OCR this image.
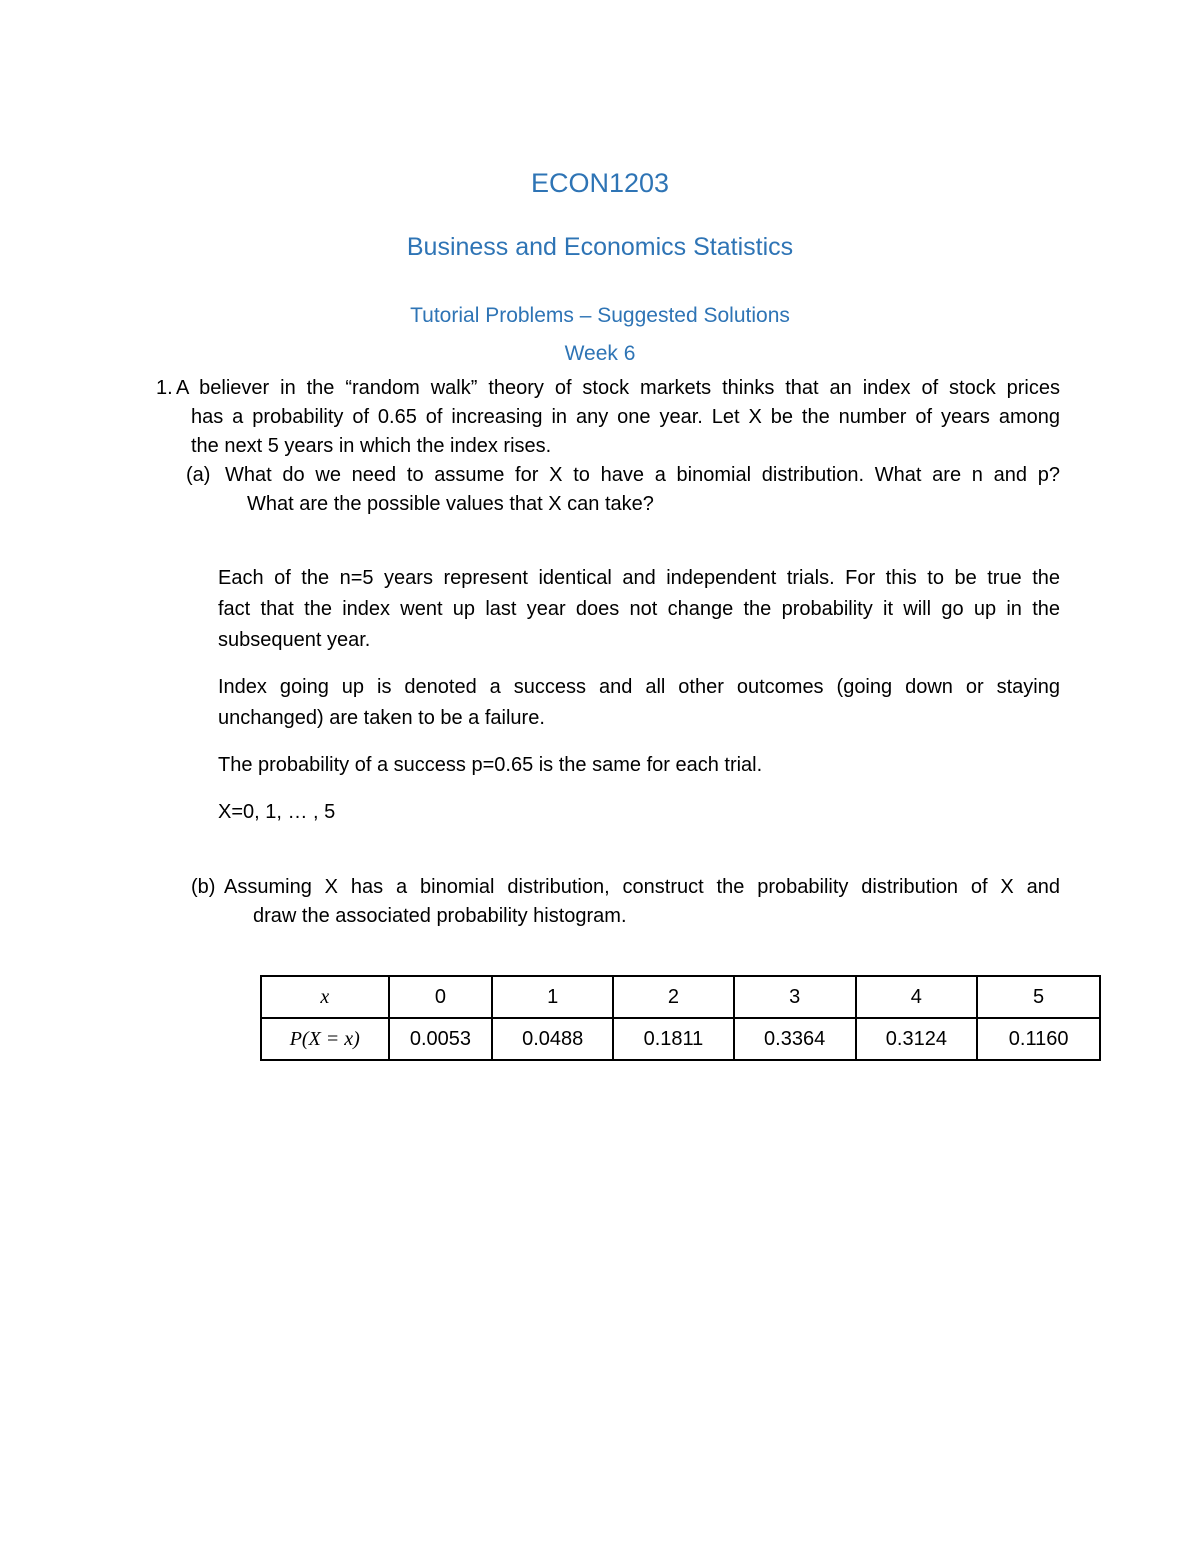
ECON1203
Business and Economics Statistics
Tutorial Problems – Suggested Solutions
Week 6
1. A believer in the “random walk” theory of stock markets thinks that an index of stock prices
has a probability of 0.65 of increasing in any one year. Let X be the number of years among
the next 5 years in which the index rises.
(a) What do we need to assume for X to have a binomial distribution. What are n and p?
What are the possible values that X can take?
Each of the n=5 years represent identical and independent trials. For this to be true the
fact that the index went up last year does not change the probability it will go up in the
subsequent year.
Index going up is denoted a success and all other outcomes (going down or staying
unchanged) are taken to be a failure.
The probability of a success p=0.65 is the same for each trial.
X=0, 1, … , 5
(b) Assuming X has a binomial distribution, construct the probability distribution of X and
draw the associated probability histogram.
x	0	1	2	3	4	5
P(X = x)	0.0053	0.0488	0.1811	0.3364	0.3124	0.1160
